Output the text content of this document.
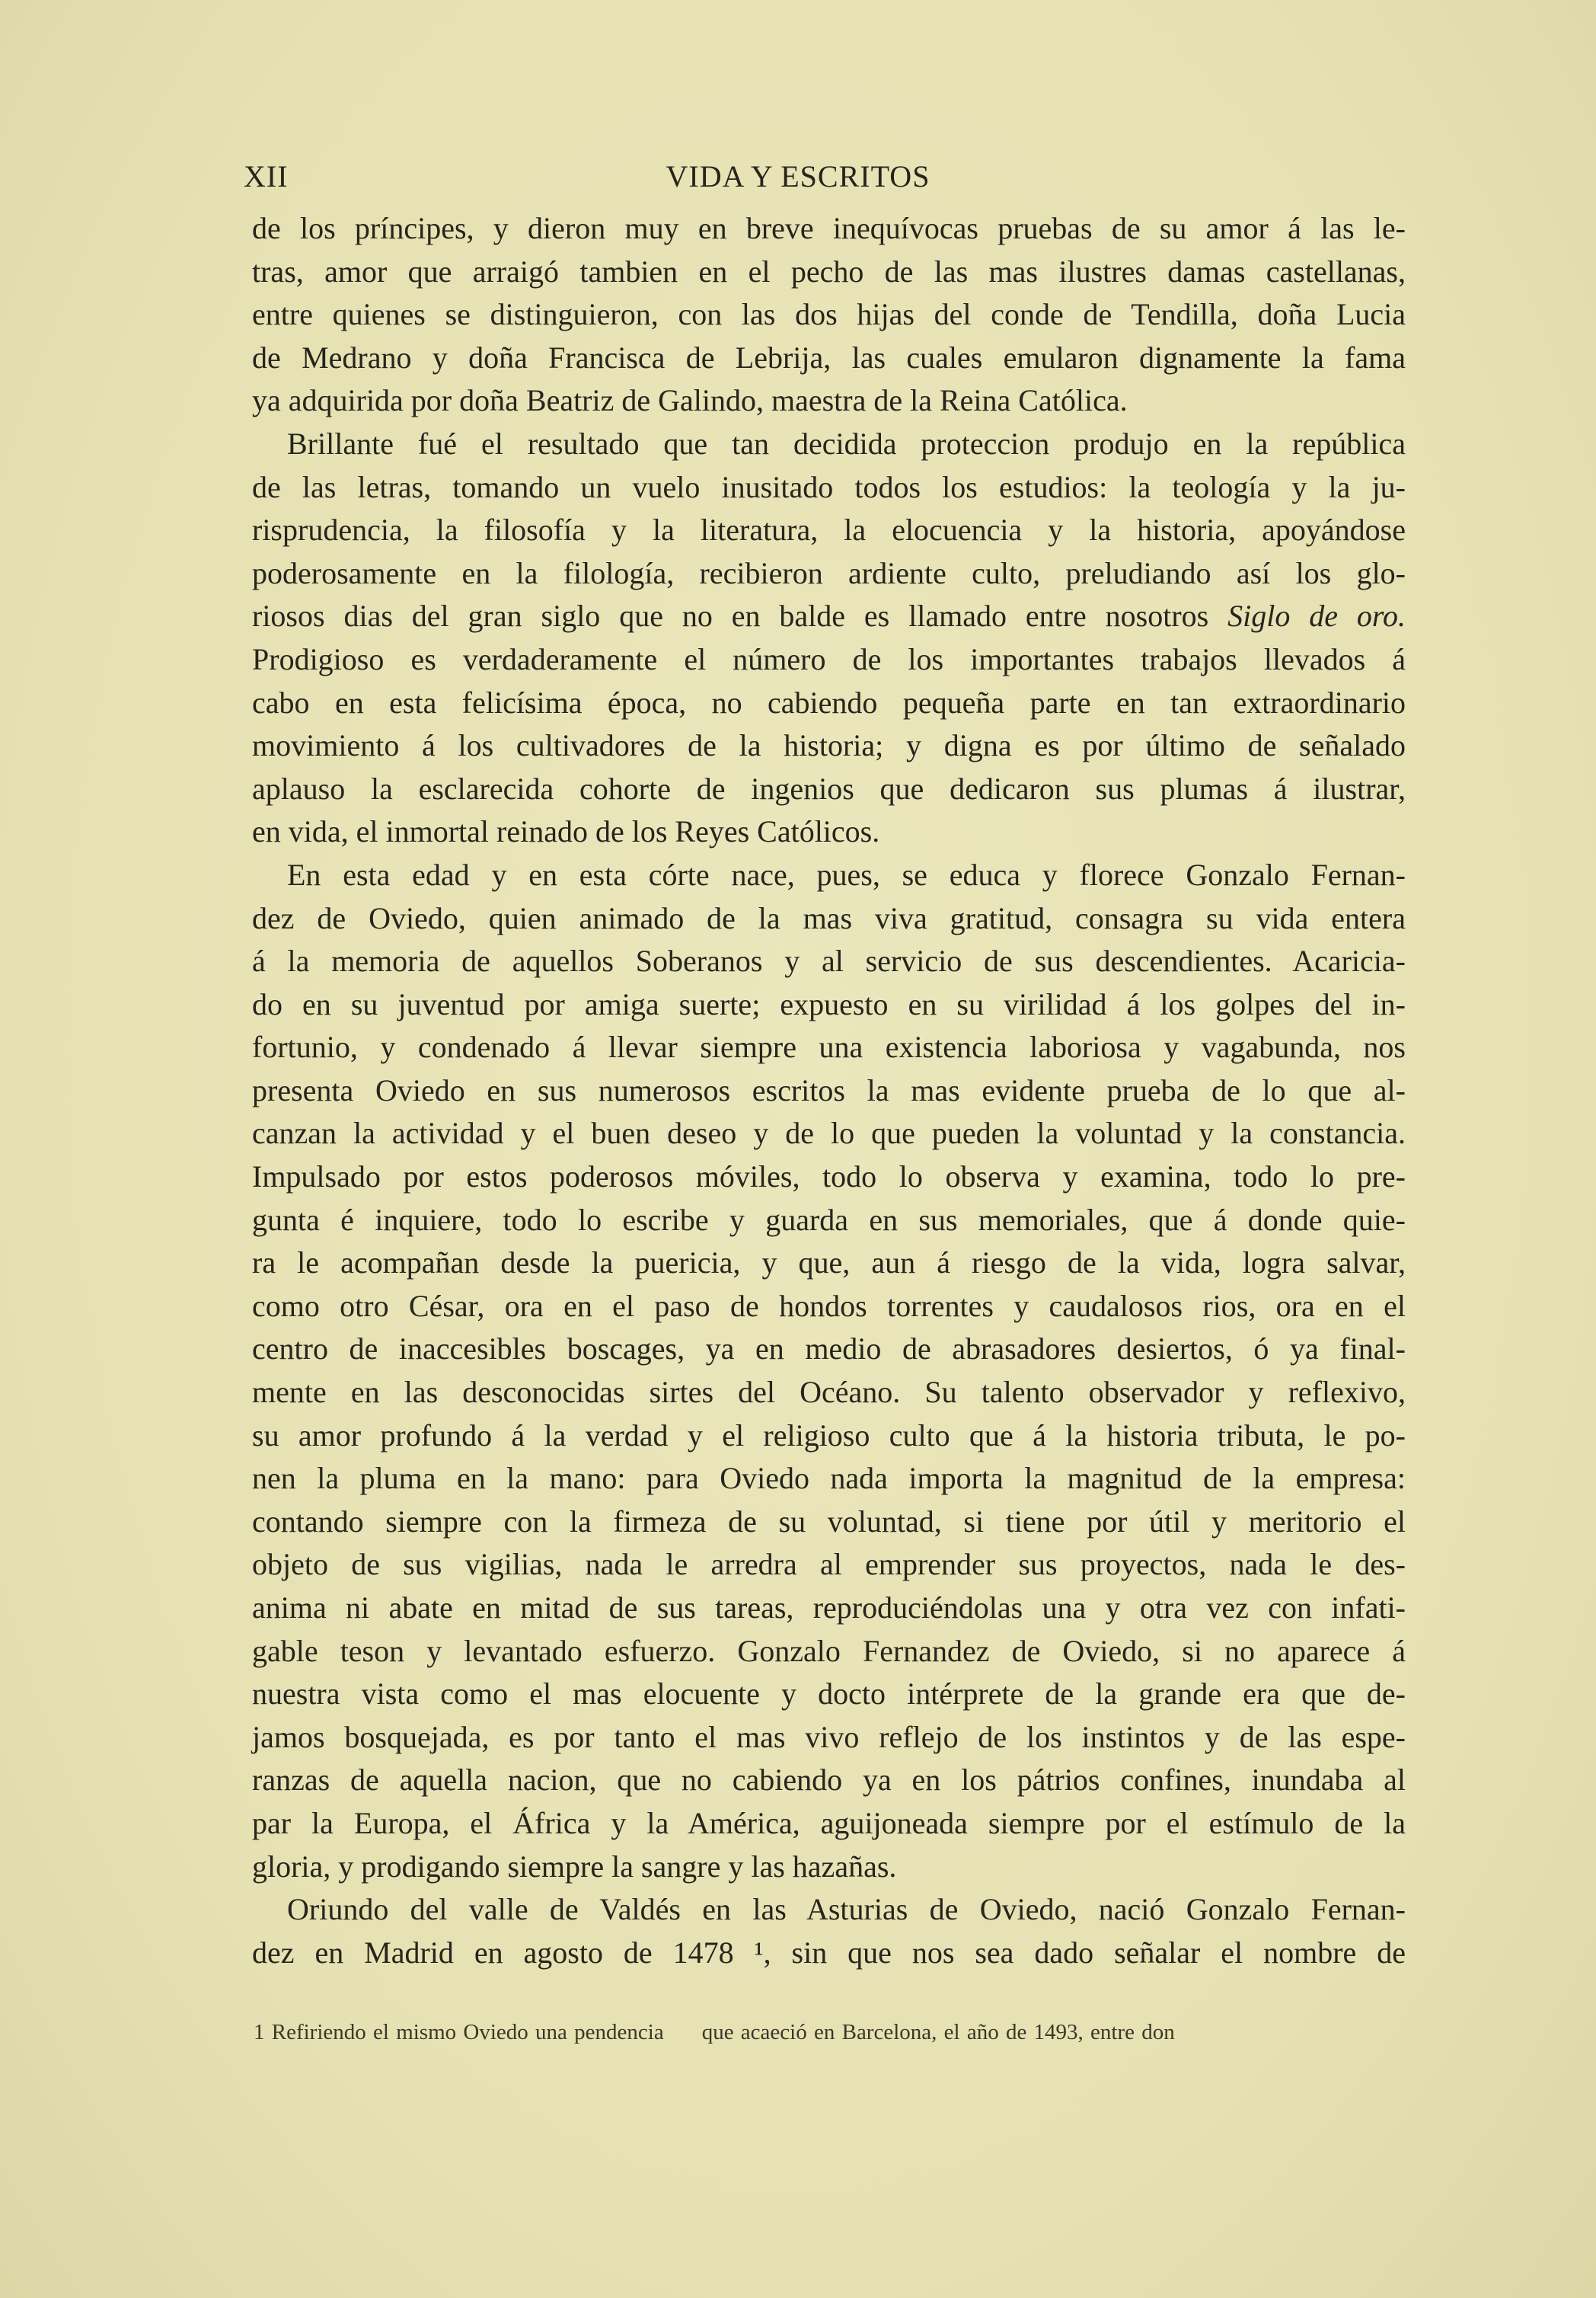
XII	VIDA Y ESCRITOS
de los príncipes, y dieron muy en breve inequívocas pruebas de su amor á las le-
tras, amor que arraigó tambien en el pecho de las mas ilustres damas castellanas,
entre quienes se distinguieron, con las dos hijas del conde de Tendilla, doña Lucia
de Medrano y doña Francisca de Lebrija, las cuales emularon dignamente la fama
ya adquirida por doña Beatriz de Galindo, maestra de la Reina Católica.
Brillante fué el resultado que tan decidida proteccion produjo en la república
de las letras, tomando un vuelo inusitado todos los estudios: la teología y la ju-
risprudencia, la filosofía y la literatura, la elocuencia y la historia, apoyándose
poderosamente en la filología, recibieron ardiente culto, preludiando así los glo-
riosos dias del gran siglo que no en balde es llamado entre nosotros Siglo de oro.
Prodigioso es verdaderamente el número de los importantes trabajos llevados á
cabo en esta felicísima época, no cabiendo pequeña parte en tan extraordinario
movimiento á los cultivadores de la historia; y digna es por último de señalado
aplauso la esclarecida cohorte de ingenios que dedicaron sus plumas á ilustrar,
en vida, el inmortal reinado de los Reyes Católicos.
En esta edad y en esta córte nace, pues, se educa y florece Gonzalo Fernan-
dez de Oviedo, quien animado de la mas viva gratitud, consagra su vida entera
á la memoria de aquellos Soberanos y al servicio de sus descendientes. Acaricia-
do en su juventud por amiga suerte; expuesto en su virilidad á los golpes del in-
fortunio, y condenado á llevar siempre una existencia laboriosa y vagabunda, nos
presenta Oviedo en sus numerosos escritos la mas evidente prueba de lo que al-
canzan la actividad y el buen deseo y de lo que pueden la voluntad y la constancia.
Impulsado por estos poderosos móviles, todo lo observa y examina, todo lo pre-
gunta é inquiere, todo lo escribe y guarda en sus memoriales, que á donde quie-
ra le acompañan desde la puericia, y que, aun á riesgo de la vida, logra salvar,
como otro César, ora en el paso de hondos torrentes y caudalosos rios, ora en el
centro de inaccesibles boscages, ya en medio de abrasadores desiertos, ó ya final-
mente en las desconocidas sirtes del Océano. Su talento observador y reflexivo,
su amor profundo á la verdad y el religioso culto que á la historia tributa, le po-
nen la pluma en la mano: para Oviedo nada importa la magnitud de la empresa:
contando siempre con la firmeza de su voluntad, si tiene por útil y meritorio el
objeto de sus vigilias, nada le arredra al emprender sus proyectos, nada le des-
anima ni abate en mitad de sus tareas, reproduciéndolas una y otra vez con infati-
gable teson y levantado esfuerzo. Gonzalo Fernandez de Oviedo, si no aparece á
nuestra vista como el mas elocuente y docto intérprete de la grande era que de-
jamos bosquejada, es por tanto el mas vivo reflejo de los instintos y de las espe-
ranzas de aquella nacion, que no cabiendo ya en los pátrios confines, inundaba al
par la Europa, el África y la América, aguijoneada siempre por el estímulo de la
gloria, y prodigando siempre la sangre y las hazañas.
Oriundo del valle de Valdés en las Asturias de Oviedo, nació Gonzalo Fernan-
dez en Madrid en agosto de 1478 ¹, sin que nos sea dado señalar el nombre de
1 Refiriendo el mismo Oviedo una pendencia que acaeció en Barcelona, el año de 1493, entre don
